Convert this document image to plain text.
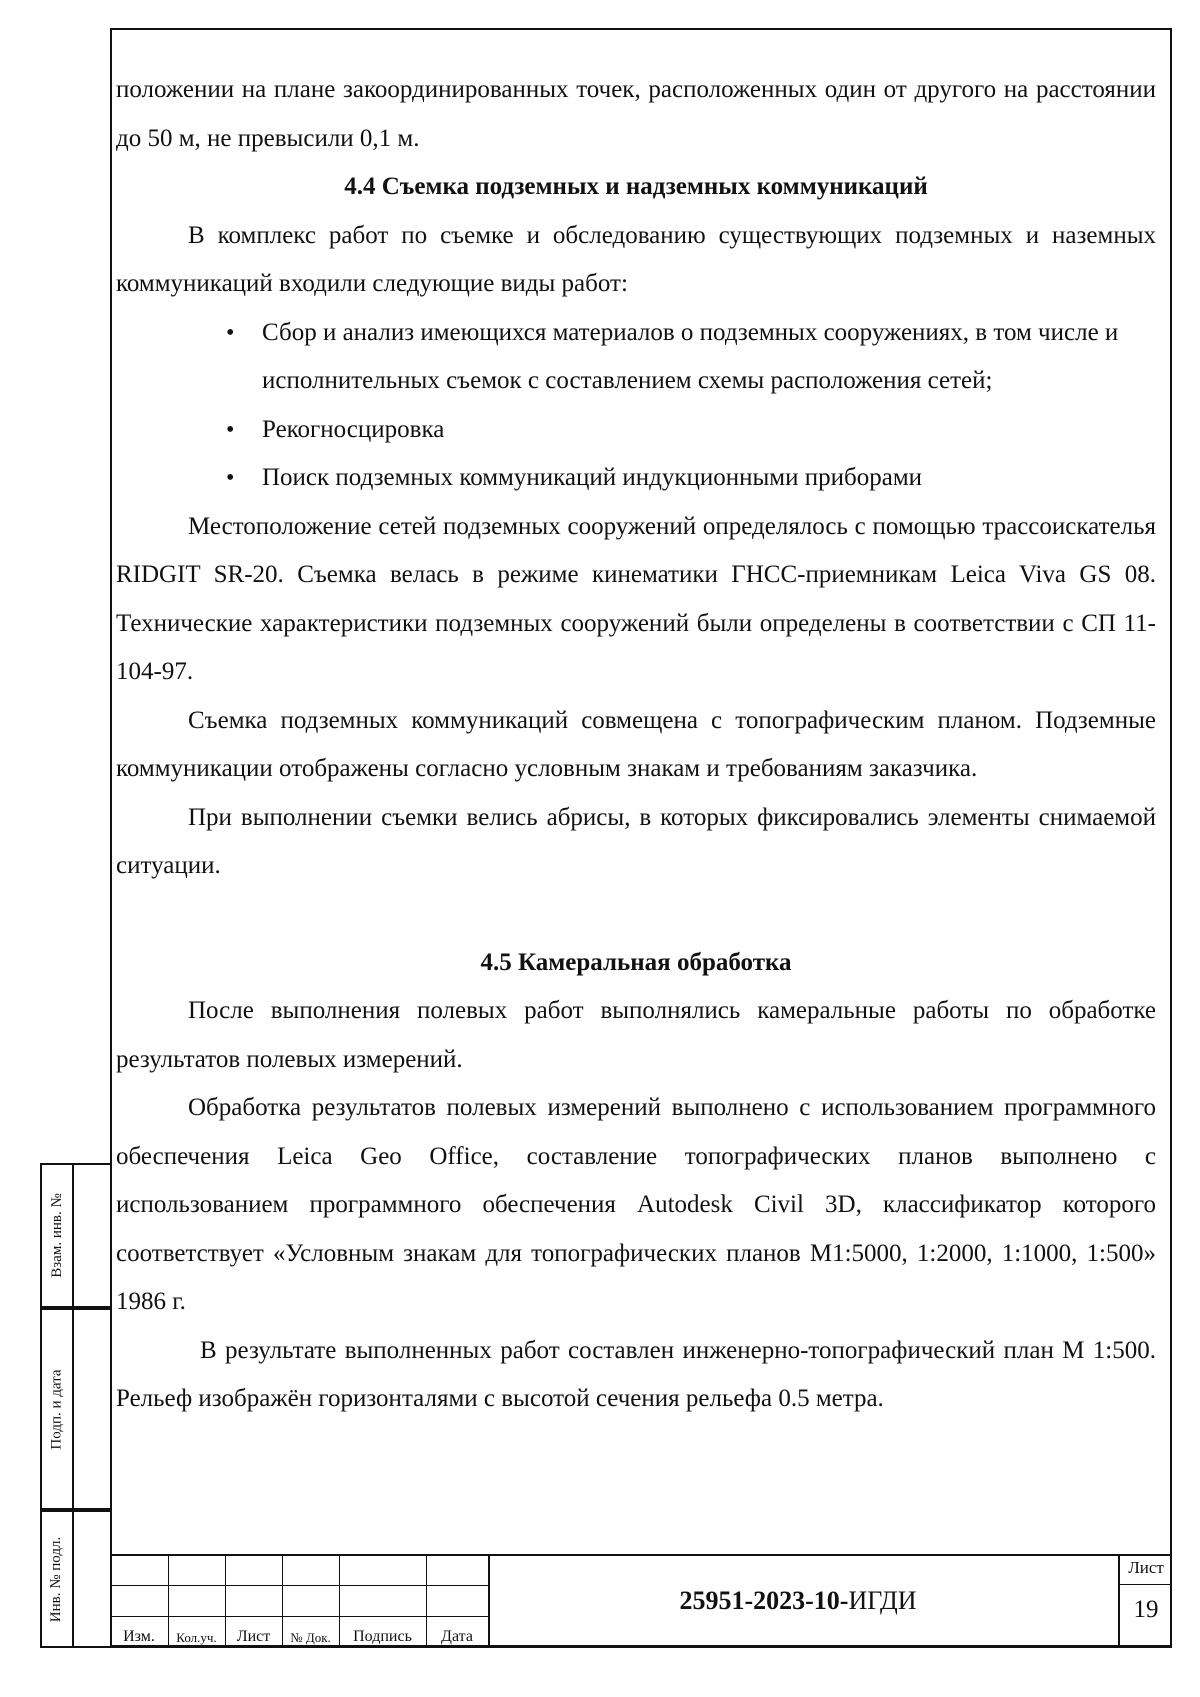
положении на плане закоординированных точек, расположенных один от другого на расстоянии до 50 м, не превысили 0,1 м.

4.4 Съемка подземных и надземных коммуникаций

В комплекс работ по съемке и обследованию существующих подземных и наземных коммуникаций входили следующие виды работ:

• Сбор и анализ имеющихся материалов о подземных сооружениях, в том числе и исполнительных съемок с составлением схемы расположения сетей;
• Рекогносцировка
• Поиск подземных коммуникаций индукционными приборами

Местоположение сетей подземных сооружений определялось с помощью трассоискателья RIDGIT SR-20. Съемка велась в режиме кинематики ГНСС-приемникам Leica Viva GS 08. Технические характеристики подземных сооружений были определены в соответствии с СП 11-104-97.

Съемка подземных коммуникаций совмещена с топографическим планом. Подземные коммуникации отображены согласно условным знакам и требованиям заказчика.

При выполнении съемки велись абрисы, в которых фиксировались элементы снимаемой ситуации.

4.5 Камеральная обработка

После выполнения полевых работ выполнялись камеральные работы по обработке результатов полевых измерений.

Обработка результатов полевых измерений выполнено с использованием программного обеспечения Leica Geo Office, составление топографических планов выполнено с использованием программного обеспечения Autodesk Civil 3D, классификатор которого соответствует «Условным знакам для топографических планов М1:5000, 1:2000, 1:1000, 1:500» 1986 г.

В результате выполненных работ составлен инженерно-топографический план М 1:500. Рельеф изображён горизонталями с высотой сечения рельефа 0.5 метра.

Взам. инв. №
Подп. и дата
Инв. № подл.
Изм.	Кол.уч.	Лист	№ Док.	Подпись	Дата
25951-2023-10- ИГДИ
Лист
19
